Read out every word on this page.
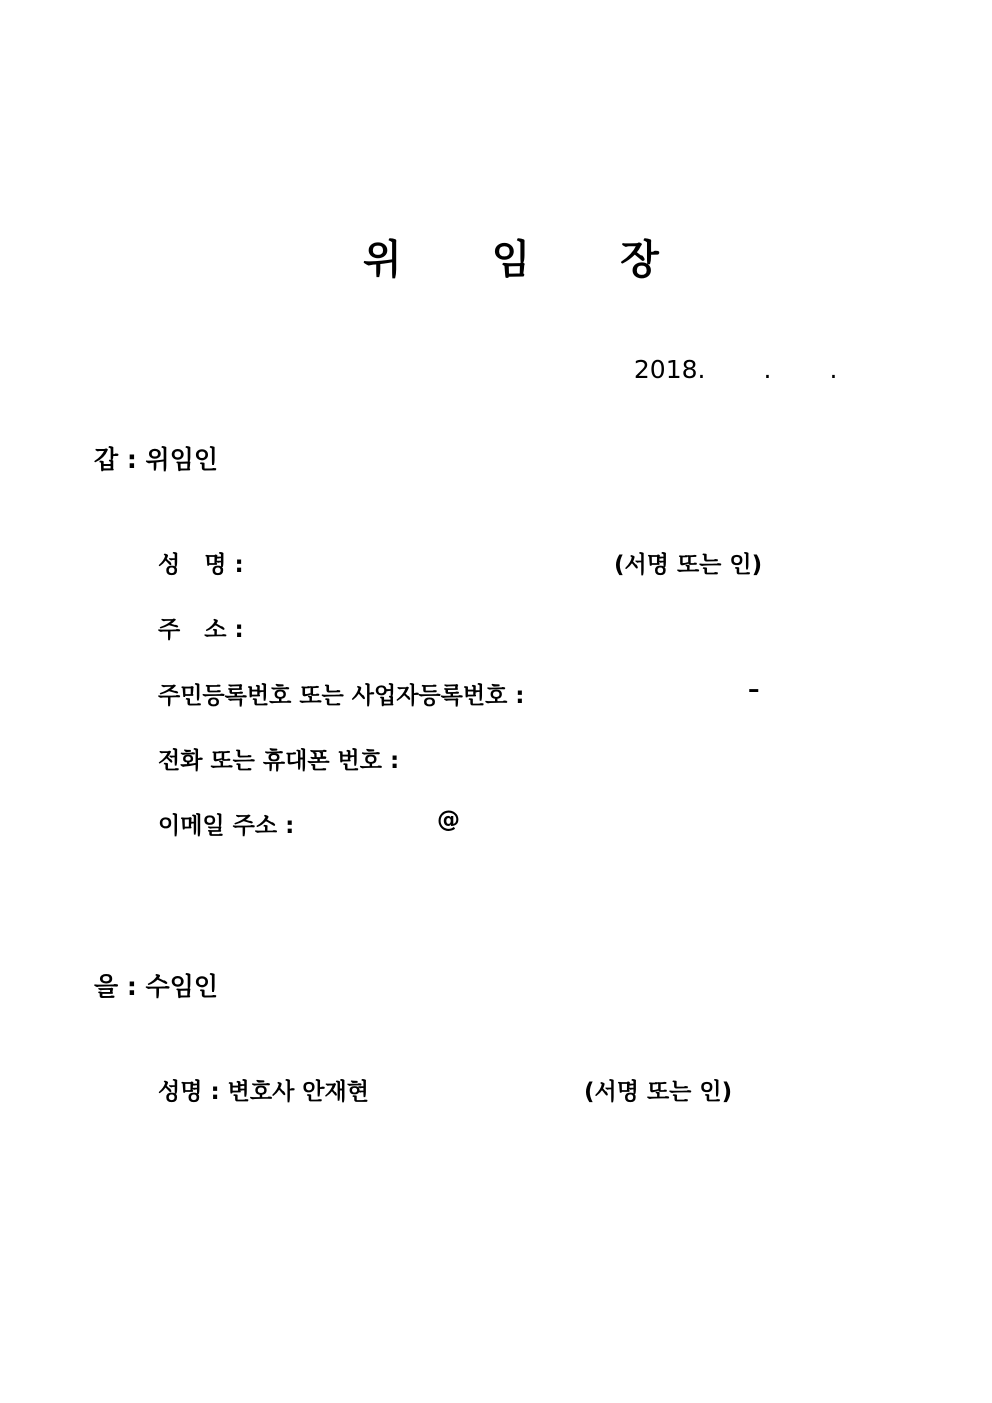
위 임 장

2018. . .

갑 : 위임인
성   명 :	(서명 또는 인)
주   소 :
주민등록번호 또는 사업자등록번호 :	–
전화 또는 휴대폰 번호 :
이메일 주소 :	@
을 : 수임인
성명 : 변호사 안재현	(서명 또는 인)
